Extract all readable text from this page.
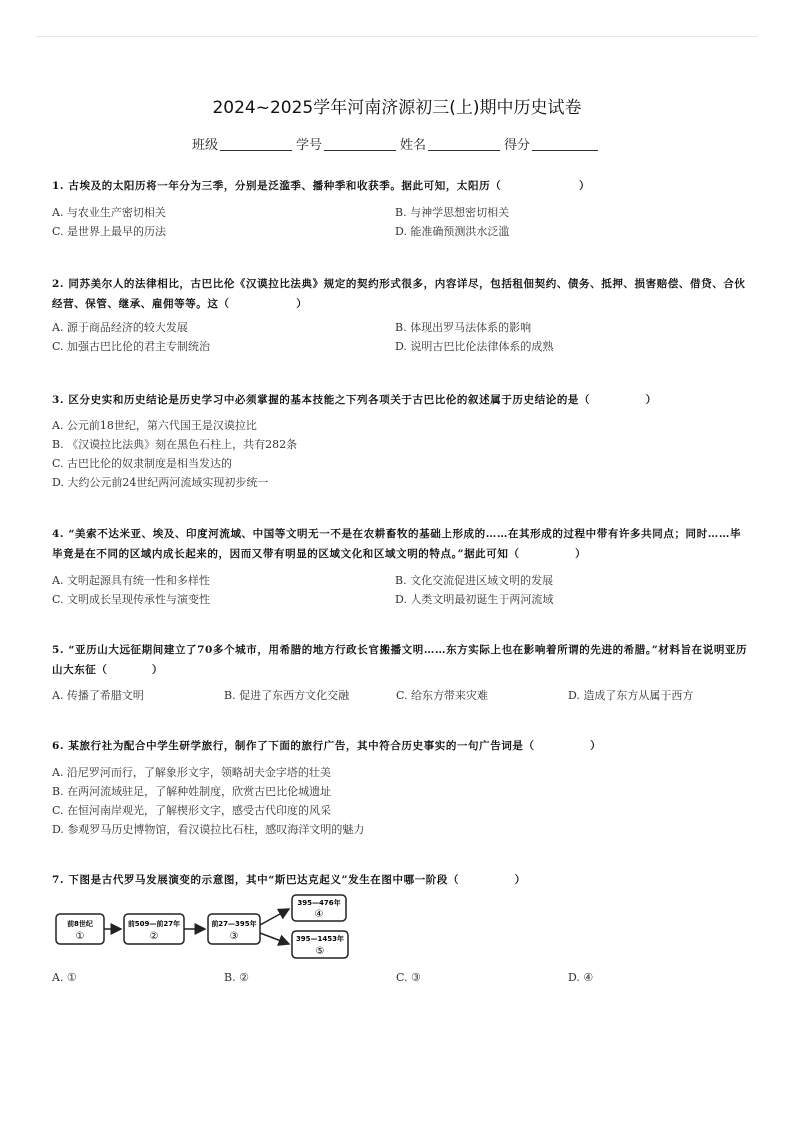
2024~2025学年河南济源初三(上)期中历史试卷
班级	学号	姓名	得分
1. 古埃及的太阳历将一年分为三季，分别是泛滥季、播种季和收获季。据此可知，太阳历（　　　　　　　）
A. 与农业生产密切相关	B. 与神学思想密切相关
C. 是世界上最早的历法	D. 能准确预测洪水泛滥
2. 同苏美尔人的法律相比，古巴比伦《汉谟拉比法典》规定的契约形式很多，内容详尽，包括租佃契约、债务、抵押、损害赔偿、借贷、合伙经营、保管、继承、雇佣等等。这（　　　　　　）
A. 源于商品经济的较大发展	B. 体现出罗马法体系的影响
C. 加强古巴比伦的君主专制统治	D. 说明古巴比伦法律体系的成熟
3. 区分史实和历史结论是历史学习中必须掌握的基本技能之下列各项关于古巴比伦的叙述属于历史结论的是（　　　　　）
A. 公元前18世纪，第六代国王是汉谟拉比
B. 《汉谟拉比法典》刻在黑色石柱上，共有282条
C. 古巴比伦的奴隶制度是相当发达的
D. 大约公元前24世纪两河流域实现初步统一
4. “美索不达米亚、埃及、印度河流域、中国等文明无一不是在农耕畜牧的基础上形成的……在其形成的过程中带有许多共同点；同时……毕毕竟是在不同的区域内成长起来的，因而又带有明显的区域文化和区域文明的特点。”据此可知（　　　　　）
A. 文明起源具有统一性和多样性	B. 文化交流促进区域文明的发展
C. 文明成长呈现传承性与演变性	D. 人类文明最初诞生于两河流域
5. “亚历山大远征期间建立了70多个城市，用希腊的地方行政长官搬播文明……东方实际上也在影响着所谓的先进的希腊。”材料旨在说明亚历山大东征（　　　　）
A. 传播了希腊文明	B. 促进了东西方文化交融	C. 给东方带来灾难	D. 造成了东方从属于西方
6. 某旅行社为配合中学生研学旅行，制作了下面的旅行广告，其中符合历史事实的一句广告词是（　　　　　）
A. 沿尼罗河而行，了解象形文字，领略胡夫金字塔的壮美
B. 在两河流域驻足，了解种姓制度，欣赏古巴比伦城遗址
C. 在恒河南岸观光，了解楔形文字，感受古代印度的风采
D. 参观罗马历史博物馆，看汉谟拉比石柱，感叹海洋文明的魅力
7. 下图是古代罗马发展演变的示意图，其中“斯巴达克起义”发生在图中哪一阶段（　　　　　）
前8世纪
①
前509—前27年
②
前27—395年
③
395—476年
④
395—1453年
⑤
A. ①	B. ②	C. ③	D. ④
